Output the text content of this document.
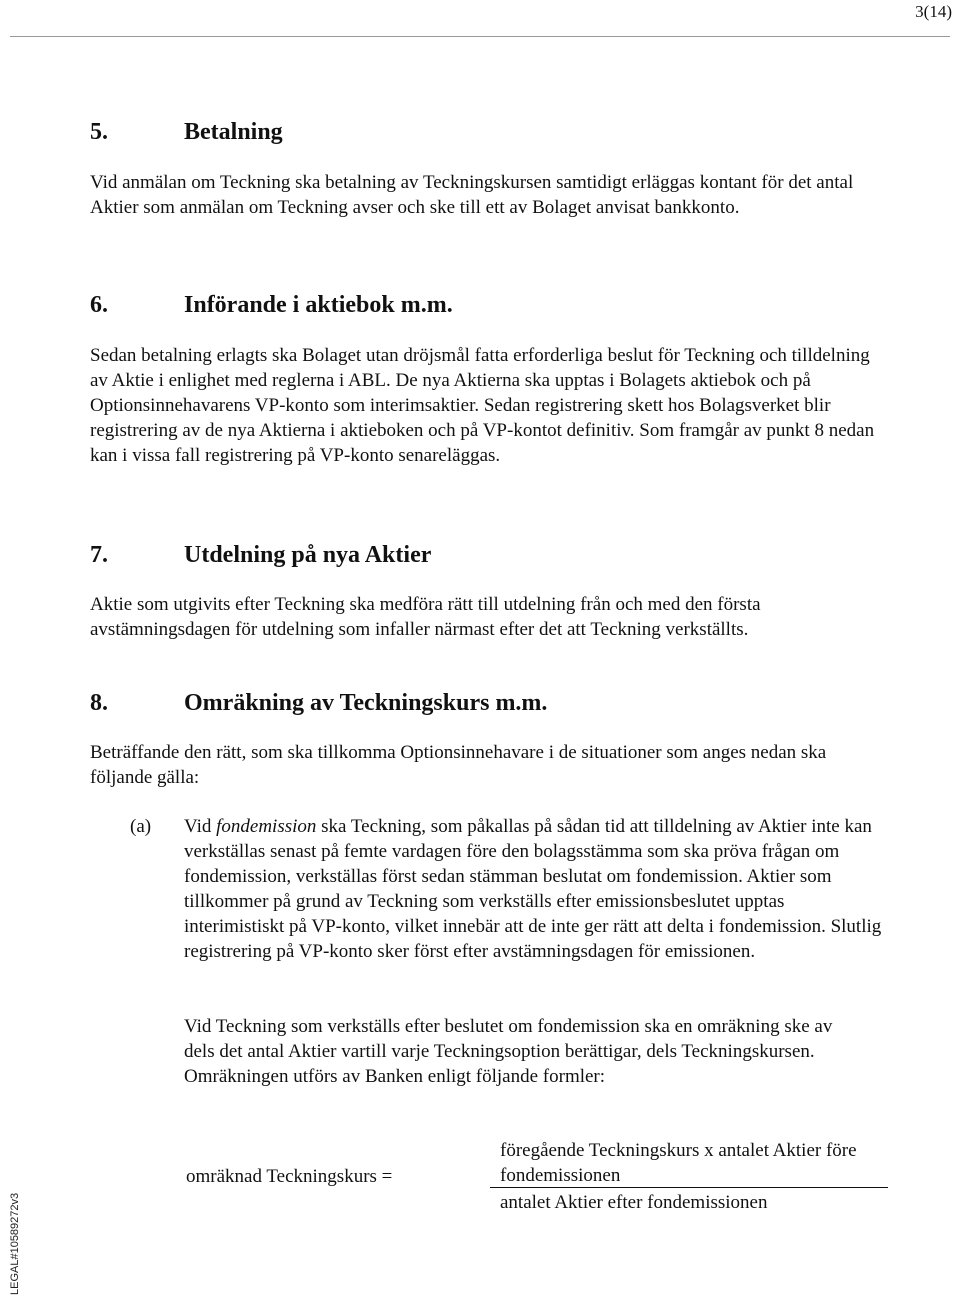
3(14)
5.	Betalning

Vid anmälan om Teckning ska betalning av Teckningskursen samtidigt erläggas kontant för det antal Aktier som anmälan om Teckning avser och ske till ett av Bolaget anvisat bankkonto.

6.	Införande i aktiebok m.m.

Sedan betalning erlagts ska Bolaget utan dröjsmål fatta erforderliga beslut för Teckning och tilldelning av Aktie i enlighet med reglerna i ABL. De nya Aktierna ska upptas i Bolagets aktiebok och på Optionsinnehavarens VP-konto som interimsaktier. Sedan registrering skett hos Bolagsverket blir registrering av de nya Aktierna i aktieboken och på VP-kontot definitiv. Som framgår av punkt 8 nedan kan i vissa fall registrering på VP-konto senareläggas.

7.	Utdelning på nya Aktier

Aktie som utgivits efter Teckning ska medföra rätt till utdelning från och med den första avstämningsdagen för utdelning som infaller närmast efter det att Teckning verkställts.

8.	Omräkning av Teckningskurs m.m.

Beträffande den rätt, som ska tillkomma Optionsinnehavare i de situationer som anges nedan ska följande gälla:

(a) Vid fondemission ska Teckning, som påkallas på sådan tid att tilldelning av Aktier inte kan verkställas senast på femte vardagen före den bolagsstämma som ska pröva frågan om fondemission, verkställas först sedan stämman beslutat om fondemission. Aktier som tillkommer på grund av Teckning som verkställs efter emissionsbeslutet upptas interimistiskt på VP-konto, vilket innebär att de inte ger rätt att delta i fondemission. Slutlig registrering på VP-konto sker först efter avstämningsdagen för emissionen.

Vid Teckning som verkställs efter beslutet om fondemission ska en omräkning ske av dels det antal Aktier vartill varje Teckningsoption berättigar, dels Teckningskursen. Omräkningen utförs av Banken enligt följande formler:

omräknad Teckningskurs =
föregående Teckningskurs x antalet Aktier före fondemissionen
antalet Aktier efter fondemissionen
LEGAL#10589272v3
